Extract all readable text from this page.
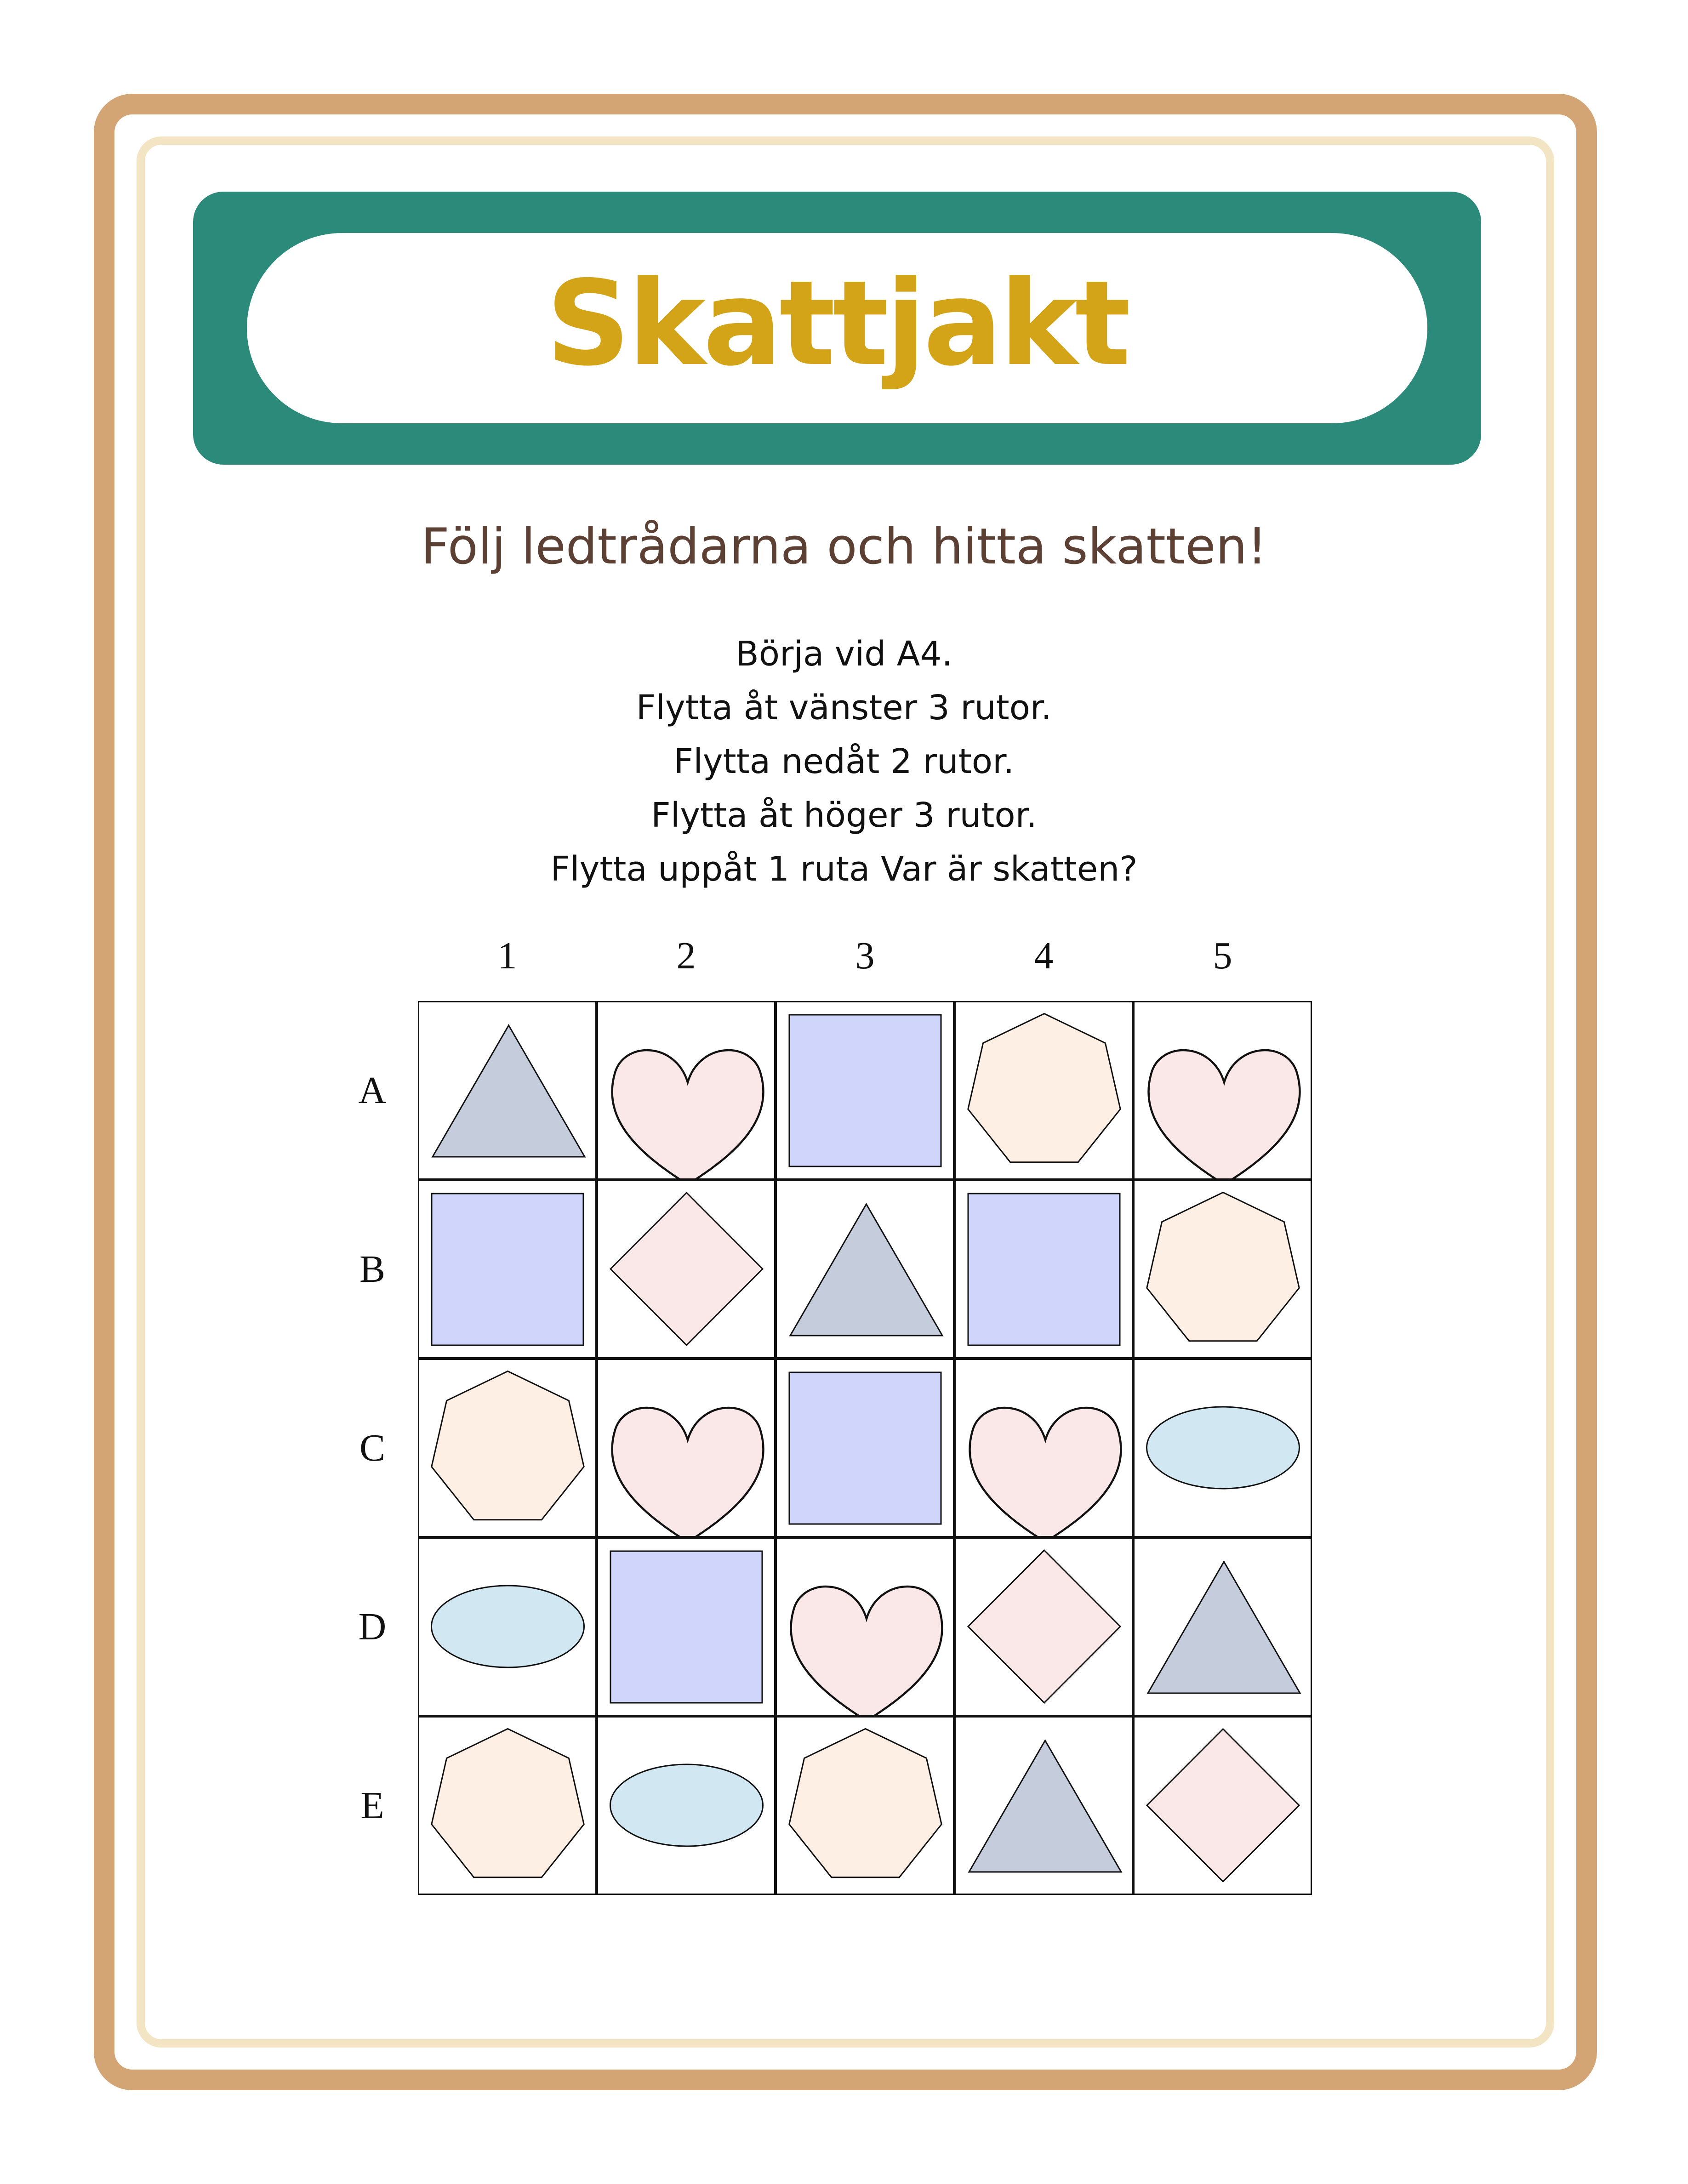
Skattjakt
Följ ledtrådarna och hitta skatten!
Börja vid A4.
Flytta åt vänster 3 rutor.
Flytta nedåt 2 rutor.
Flytta åt höger 3 rutor.
Flytta uppåt 1 ruta Var är skatten?
1	2	3	4	5
A
B
C
D
E
